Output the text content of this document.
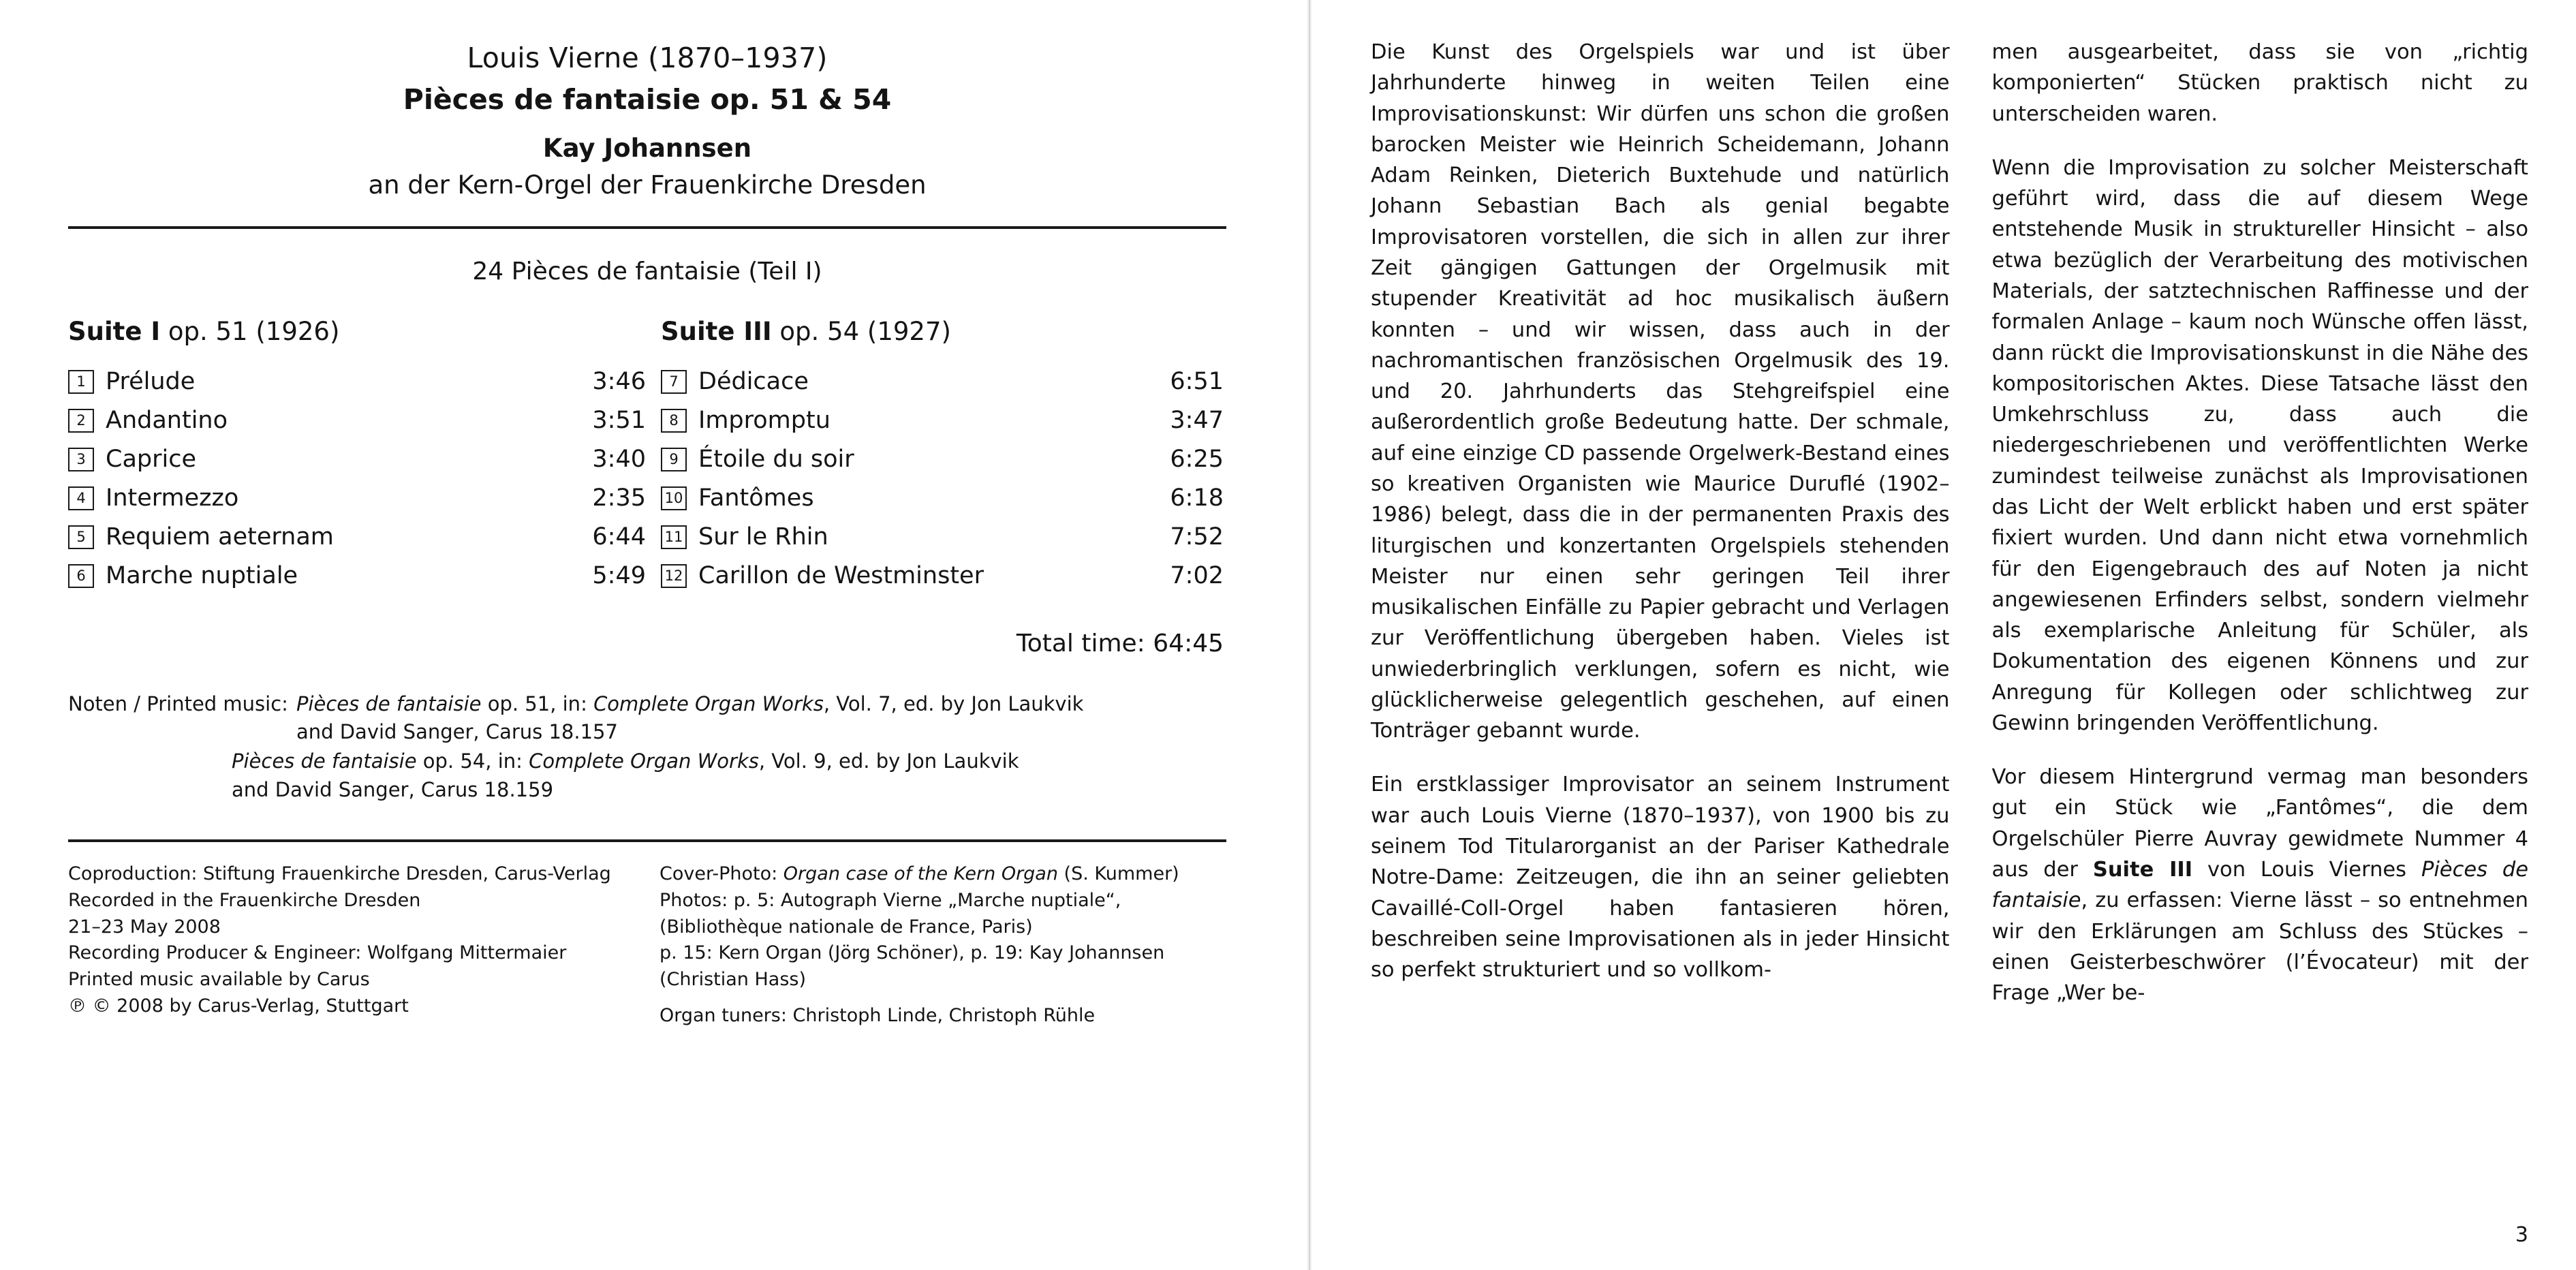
Louis Vierne (1870–1937)
Pièces de fantaisie op. 51 & 54
Kay Johannsen
an der Kern-Orgel der Frauenkirche Dresden
24 Pièces de fantaisie (Teil I)
Suite I op. 51 (1926)
1 Prélude	3:46
2 Andantino	3:51
3 Caprice	3:40
4 Intermezzo	2:35
5 Requiem aeternam	6:44
6 Marche nuptiale	5:49
Suite III op. 54 (1927)
7 Dédicace	6:51
8 Impromptu	3:47
9 Étoile du soir	6:25
10 Fantômes	6:18
11 Sur le Rhin	7:52
12 Carillon de Westminster	7:02
Total time: 64:45
Noten / Printed music: Pièces de fantaisie op. 51, in: Complete Organ Works, Vol. 7, ed. by Jon Laukvik
and David Sanger, Carus 18.157
Pièces de fantaisie op. 54, in: Complete Organ Works, Vol. 9, ed. by Jon Laukvik
and David Sanger, Carus 18.159

Coproduction: Stiftung Frauenkirche Dresden, Carus-Verlag

Recorded in the Frauenkirche Dresden

21–23 May 2008

Recording Producer & Engineer: Wolfgang Mittermaier

Printed music available by Carus

℗ © 2008 by Carus-Verlag, Stuttgart

Cover-Photo: Organ case of the Kern Organ (S. Kummer)

Photos: p. 5: Autograph Vierne „Marche nuptiale“,

(Bibliothèque nationale de France, Paris)

p. 15: Kern Organ (Jörg Schöner), p. 19: Kay Johannsen

(Christian Hass)

Organ tuners: Christoph Linde, Christoph Rühle

Die Kunst des Orgelspiels war und ist über Jahrhunderte hinweg in weiten Teilen eine Improvisationskunst: Wir dürfen uns schon die großen barocken Meister wie Heinrich Scheidemann, Johann Adam Reinken, Dieterich Buxtehude und natürlich Johann Sebastian Bach als genial begabte Improvisatoren vorstellen, die sich in allen zur ihrer Zeit gängigen Gattungen der Orgelmusik mit stupender Kreativität ad hoc musikalisch äußern konnten – und wir wissen, dass auch in der nachromantischen französischen Orgelmusik des 19. und 20. Jahrhunderts das Stehgreifspiel eine außerordentlich große Bedeutung hatte. Der schmale, auf eine einzige CD passende Orgelwerk-Bestand eines so kreativen Organisten wie Maurice Duruflé (1902–1986) belegt, dass die in der permanenten Praxis des liturgischen und konzertanten Orgelspiels stehenden Meister nur einen sehr geringen Teil ihrer musikalischen Einfälle zu Papier gebracht und Verlagen zur Veröffentlichung übergeben haben. Vieles ist unwiederbringlich verklungen, sofern es nicht, wie glücklicherweise gelegentlich geschehen, auf einen Tonträger gebannt wurde.

Ein erstklassiger Improvisator an seinem Instrument war auch Louis Vierne (1870–1937), von 1900 bis zu seinem Tod Titularorganist an der Pariser Kathedrale Notre-Dame: Zeitzeugen, die ihn an seiner geliebten Cavaillé-Coll-Orgel haben fantasieren hören, beschreiben seine Improvisationen als in jeder Hinsicht so perfekt strukturiert und so vollkom-

men ausgearbeitet, dass sie von „richtig komponierten“ Stücken praktisch nicht zu unterscheiden waren.

Wenn die Improvisation zu solcher Meisterschaft geführt wird, dass die auf diesem Wege entstehende Musik in struktureller Hinsicht – also etwa bezüglich der Verarbeitung des motivischen Materials, der satztechnischen Raffinesse und der formalen Anlage – kaum noch Wünsche offen lässt, dann rückt die Improvisationskunst in die Nähe des kompositorischen Aktes. Diese Tatsache lässt den Umkehrschluss zu, dass auch die niedergeschriebenen und veröffentlichten Werke zumindest teilweise zunächst als Improvisationen das Licht der Welt erblickt haben und erst später fixiert wurden. Und dann nicht etwa vornehmlich für den Eigengebrauch des auf Noten ja nicht angewiesenen Erfinders selbst, sondern vielmehr als exemplarische Anleitung für Schüler, als Dokumentation des eigenen Könnens und zur Anregung für Kollegen oder schlichtweg zur Gewinn bringenden Veröffentlichung.

Vor diesem Hintergrund vermag man besonders gut ein Stück wie „Fantômes“, die dem Orgelschüler Pierre Auvray gewidmete Nummer 4 aus der Suite III von Louis Viernes Pièces de fantaisie, zu erfassen: Vierne lässt – so entnehmen wir den Erklärungen am Schluss des Stückes – einen Geisterbeschwörer (l’Évocateur) mit der Frage „Wer be-

3
